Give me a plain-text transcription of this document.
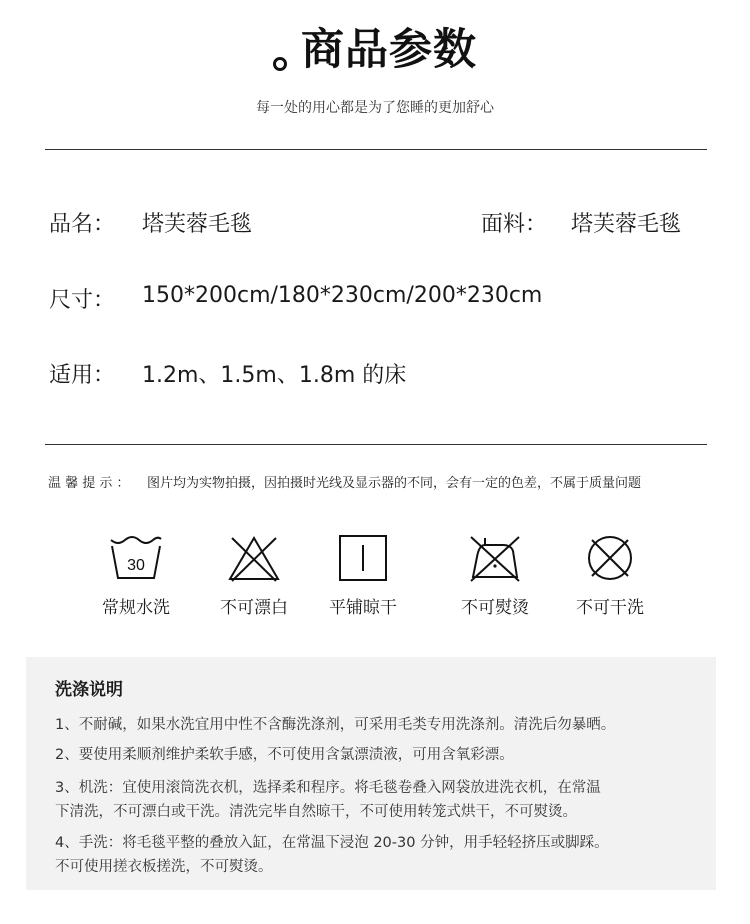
商品参数
每一处的用心都是为了您睡的更加舒心
品名： 塔芙蓉毛毯	面料： 塔芙蓉毛毯
尺寸： 150*200cm/180*230cm/200*230cm
适用： 1.2m、1.5m、1.8m 的床
温 馨 提 示 ： 图片均为实物拍摄，因拍摄时光线及显示器的不同，会有一定的色差，不属于质量问题
30
常规水洗	不可漂白	平铺晾干	不可熨烫	不可干洗
洗涤说明
1、不耐碱，如果水洗宜用中性不含酶洗涤剂，可采用毛类专用洗涤剂。清洗后勿暴晒。
2、要使用柔顺剂维护柔软手感，不可使用含氯漂渍液，可用含氧彩漂。
3、机洗：宜使用滚筒洗衣机，选择柔和程序。将毛毯卷叠入网袋放进洗衣机，在常温
下清洗，不可漂白或干洗。清洗完毕自然晾干，不可使用转笼式烘干，不可熨烫。
4、手洗：将毛毯平整的叠放入缸，在常温下浸泡 20-30 分钟，用手轻轻挤压或脚踩。
不可使用搓衣板搓洗，不可熨烫。
